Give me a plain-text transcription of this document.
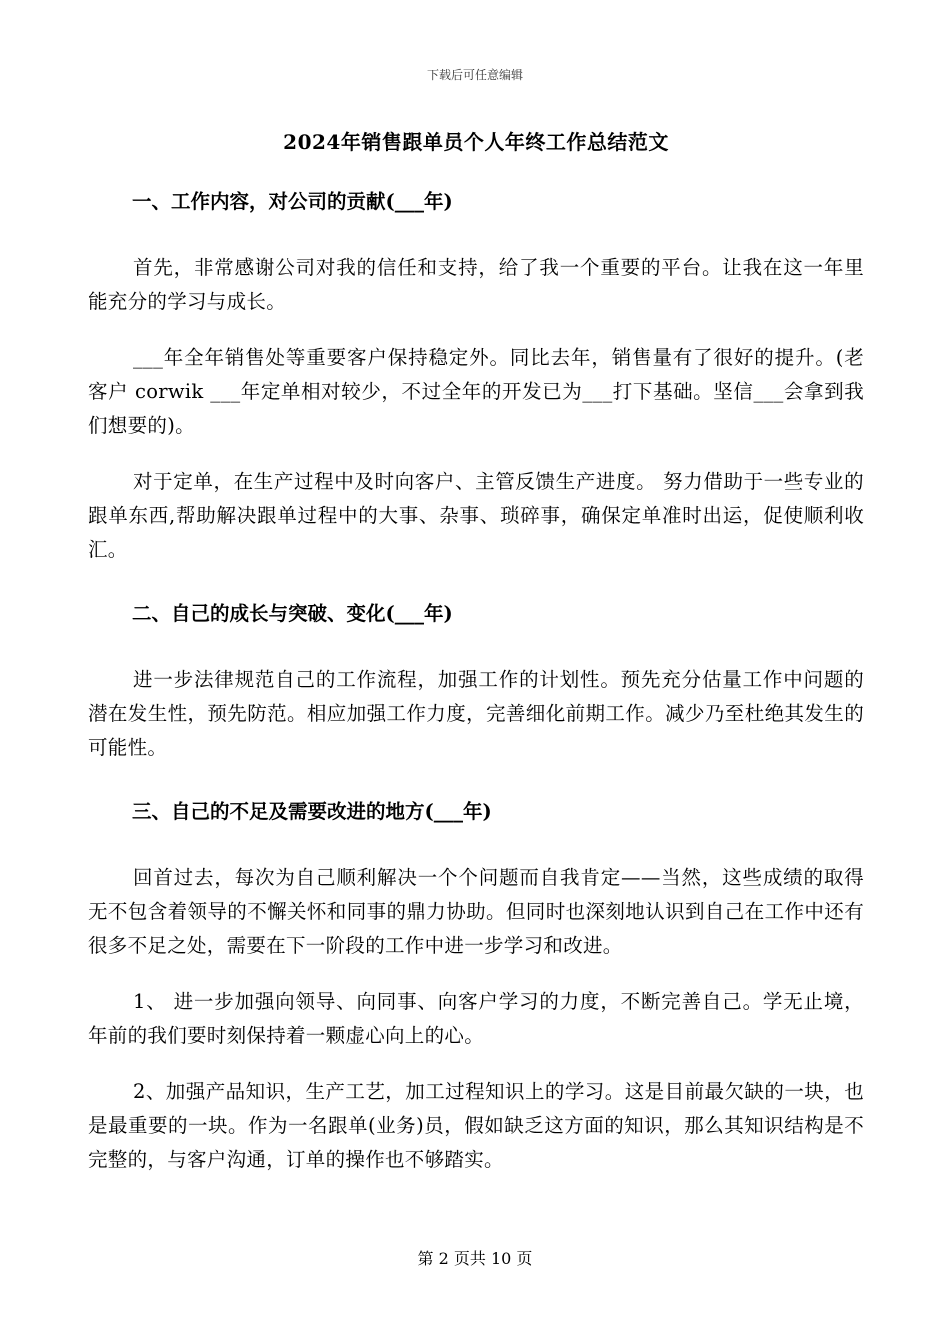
下载后可任意编辑
2024年销售跟单员个人年终工作总结范文
一、工作内容，对公司的贡献(___年)

首先，非常感谢公司对我的信任和支持，给了我一个重要的平台。让我在这一年里能充分的学习与成长。

___年全年销售处等重要客户保持稳定外。同比去年，销售量有了很好的提升。(老客户 corwik ___年定单相对较少，不过全年的开发已为___打下基础。坚信___会拿到我们想要的)。

对于定单，在生产过程中及时向客户、主管反馈生产进度。 努力借助于一些专业的跟单东西,帮助解决跟单过程中的大事、杂事、琐碎事，确保定单准时出运，促使顺利收汇。

二、自己的成长与突破、变化(___年)

进一步法律规范自己的工作流程，加强工作的计划性。预先充分估量工作中问题的潜在发生性，预先防范。相应加强工作力度，完善细化前期工作。减少乃至杜绝其发生的可能性。

三、自己的不足及需要改进的地方(___年)

回首过去，每次为自己顺利解决一个个问题而自我肯定——当然，这些成绩的取得无不包含着领导的不懈关怀和同事的鼎力协助。但同时也深刻地认识到自己在工作中还有很多不足之处，需要在下一阶段的工作中进一步学习和改进。

1、 进一步加强向领导、向同事、向客户学习的力度，不断完善自己。学无止境，年前的我们要时刻保持着一颗虚心向上的心。

2、加强产品知识，生产工艺，加工过程知识上的学习。这是目前最欠缺的一块，也是最重要的一块。作为一名跟单(业务)员，假如缺乏这方面的知识，那么其知识结构是不完整的，与客户沟通，订单的操作也不够踏实。

第 2 页共 10 页
